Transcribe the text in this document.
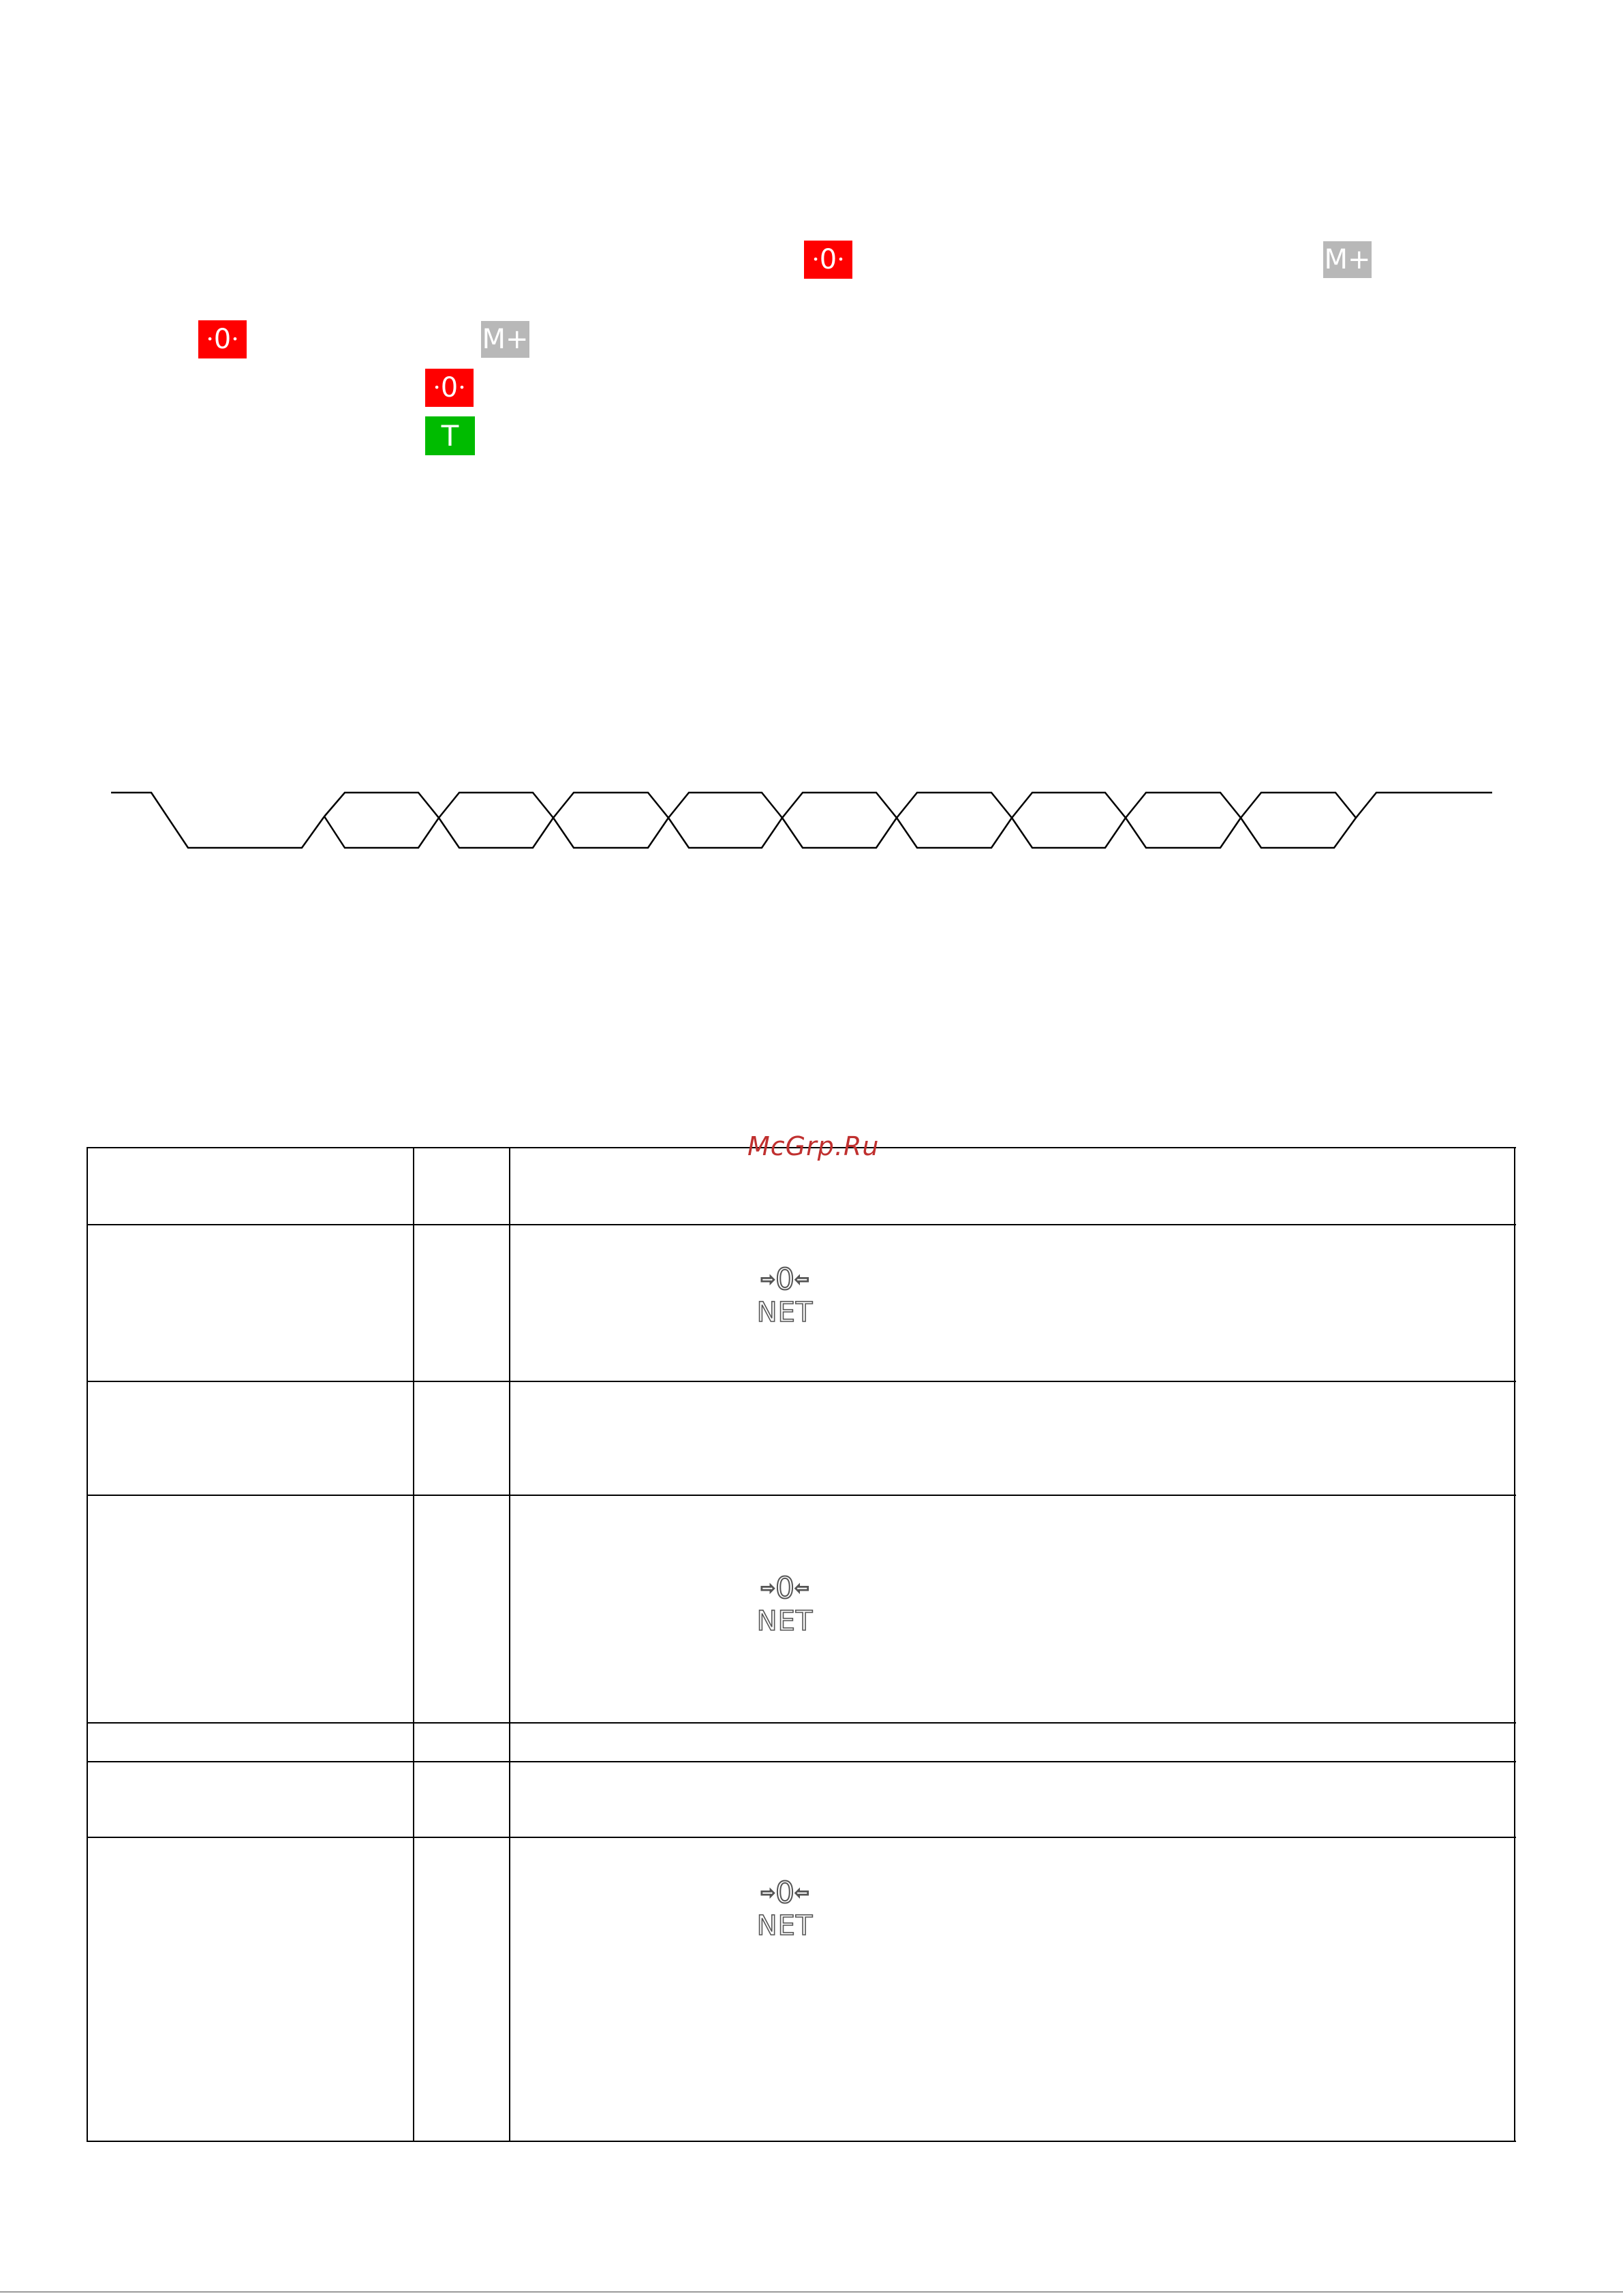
• 0 •	M+
• 0 •	M+
• 0 •
T
McGrp.Ru
⇨ 0 ⇦
NET
⇨ 0 ⇦
NET
⇨ 0 ⇦
NET
